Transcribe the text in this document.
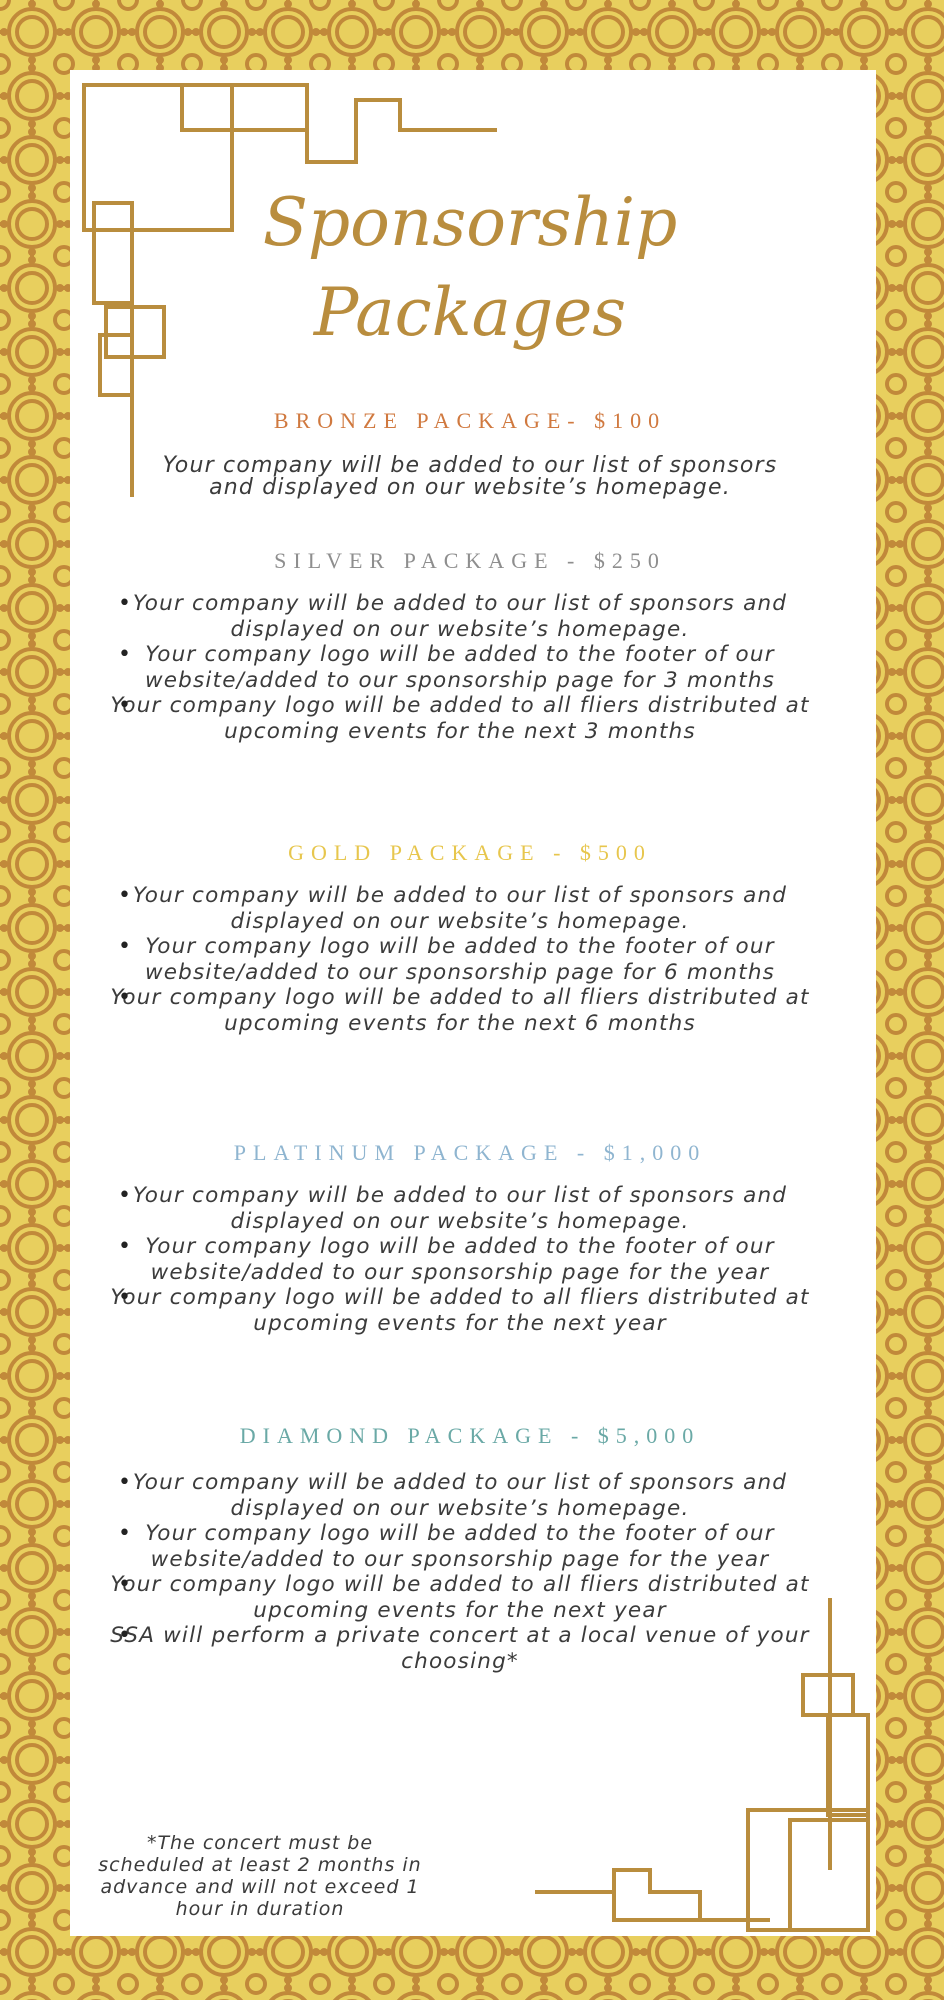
Sponsorship
Packages
BRONZE PACKAGE- $100
Your company will be added to our list of sponsors and displayed on our website’s homepage.
SILVER PACKAGE - $250
• Your company will be added to our list of sponsors and displayed on our website’s homepage.
• Your company logo will be added to the footer of our website/added to our sponsorship page for 3 months
• Your company logo will be added to all fliers distributed at upcoming events for the next 3 months
GOLD PACKAGE - $500
• Your company will be added to our list of sponsors and displayed on our website’s homepage.
• Your company logo will be added to the footer of our website/added to our sponsorship page for 6 months
• Your company logo will be added to all fliers distributed at upcoming events for the next 6 months
PLATINUM PACKAGE - $1,000
• Your company will be added to our list of sponsors and displayed on our website’s homepage.
• Your company logo will be added to the footer of our website/added to our sponsorship page for the year
• Your company logo will be added to all fliers distributed at upcoming events for the next year
DIAMOND PACKAGE - $5,000
• Your company will be added to our list of sponsors and displayed on our website’s homepage.
• Your company logo will be added to the footer of our website/added to our sponsorship page for the year
• Your company logo will be added to all fliers distributed at upcoming events for the next year
• SSA will perform a private concert at a local venue of your choosing*
*The concert must be scheduled at least 2 months in advance and will not exceed 1 hour in duration
